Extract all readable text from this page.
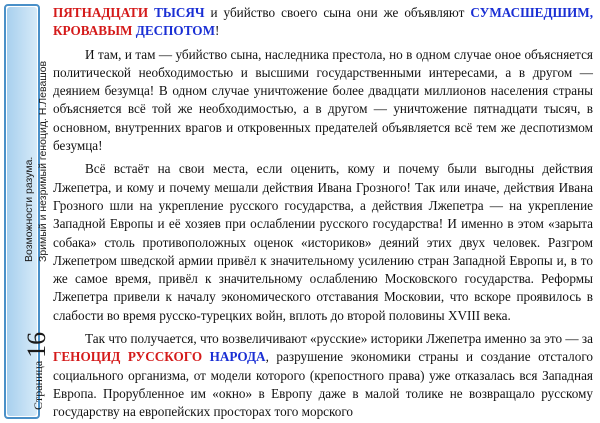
Страница16
Возможности разума. Зримый и незримый геноцид. Н.Левашов

ПЯТНАДЦАТИ ТЫСЯЧ и убийство своего сына они же объявляют СУМАСШЕДШИМ, КРОВАВЫМ ДЕСПОТОМ!

И там, и там — убийство сына, наследника престола, но в одном случае оное объясняется политической необходимостью и высшими государственными интересами, а в другом — деянием безумца! В одном случае уничтожение более двадцати миллионов населения страны объясняется всё той же необходимостью, а в другом — уничтожение пятнадцати тысяч, в основном, внутренних врагов и откровенных предателей объявляется всё тем же деспотизмом безумца!

Всё встаёт на свои места, если оценить, кому и почему были выгодны действия Лжепетра, и кому и почему мешали действия Ивана Грозного! Так или иначе, действия Ивана Грозного шли на укрепление русского государства, а действия Лжепетра — на укрепление Западной Европы и её хозяев при ослаблении русского государства! И именно в этом «зарыта собака» столь противоположных оценок «историков» деяний этих двух человек. Разгром Лжепетром шведской армии привёл к значительному усилению стран Западной Европы и, в то же самое время, привёл к значительному ослаблению Московского государства. Реформы Лжепетра привели к началу экономического отставания Московии, что вскоре проявилось в слабости во время русско-турецких войн, вплоть до второй половины XVIII века.

Так что получается, что возвеличивают «русские» историки Лжепетра именно за это — за ГЕНОЦИД РУССКОГО НАРОДА, разрушение экономики страны и создание отсталого социального организма, от модели которого (крепостного права) уже отказалась вся Западная Европа. Прорубленное им «окно» в Европу даже в малой толике не возвращало русскому государству на европейских просторах того морского
